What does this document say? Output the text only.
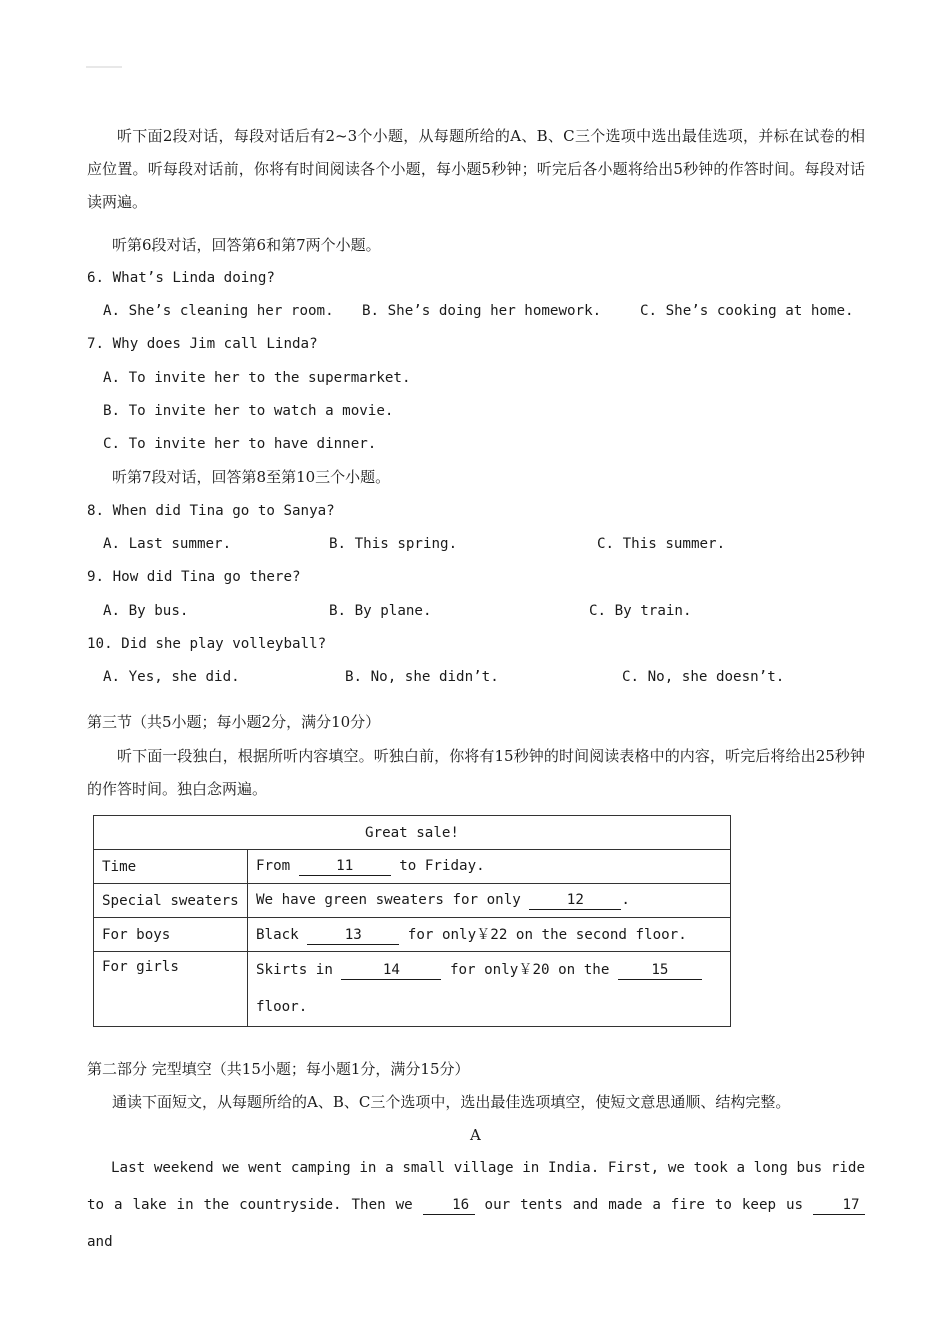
听下面2段对话，每段对话后有2~3个小题，从每题所给的A、B、C三个选项中选出最佳选项，并标在试卷的相应位置。听每段对话前，你将有时间阅读各个小题，每小题5秒钟；听完后各小题将给出5秒钟的作答时间。每段对话读两遍。
听第6段对话，回答第6和第7两个小题。
6. What’s Linda doing?
A. She’s cleaning her room. B. She’s doing her homework.	C. She’s cooking at home.
7. Why does Jim call Linda?
A. To invite her to the supermarket.
B. To invite her to watch a movie.
C. To invite her to have dinner.
听第7段对话，回答第8至第10三个小题。
8. When did Tina go to Sanya?
A. Last summer.	B. This spring.	C. This summer.
9. How did Tina go there?
A. By bus.	B. By plane.	C. By train.
10. Did she play volleyball?
A. Yes, she did.	B. No, she didn’t.	C. No, she doesn’t.
第三节（共5小题；每小题2分，满分10分）
听下面一段独白，根据所听内容填空。听独白前，你将有15秒钟的时间阅读表格中的内容，听完后将给出25秒钟的作答时间。独白念两遍。
Great sale!	
Time	From 11 to Friday.
Special sweaters	We have green sweaters for only 12 .
For boys	Black 13 for only￥22 on the second floor.
For girls	Skirts in 14 for only￥20 on the 15
floor.
第二部分 完型填空（共15小题；每小题1分，满分15分）
通读下面短文，从每题所给的A、B、C三个选项中，选出最佳选项填空，使短文意思通顺、结构完整。
A
Last weekend we went camping in a small village in India. First, we took a long bus ride to a lake in the countryside. Then we 16 our tents and made a fire to keep us 17 and
